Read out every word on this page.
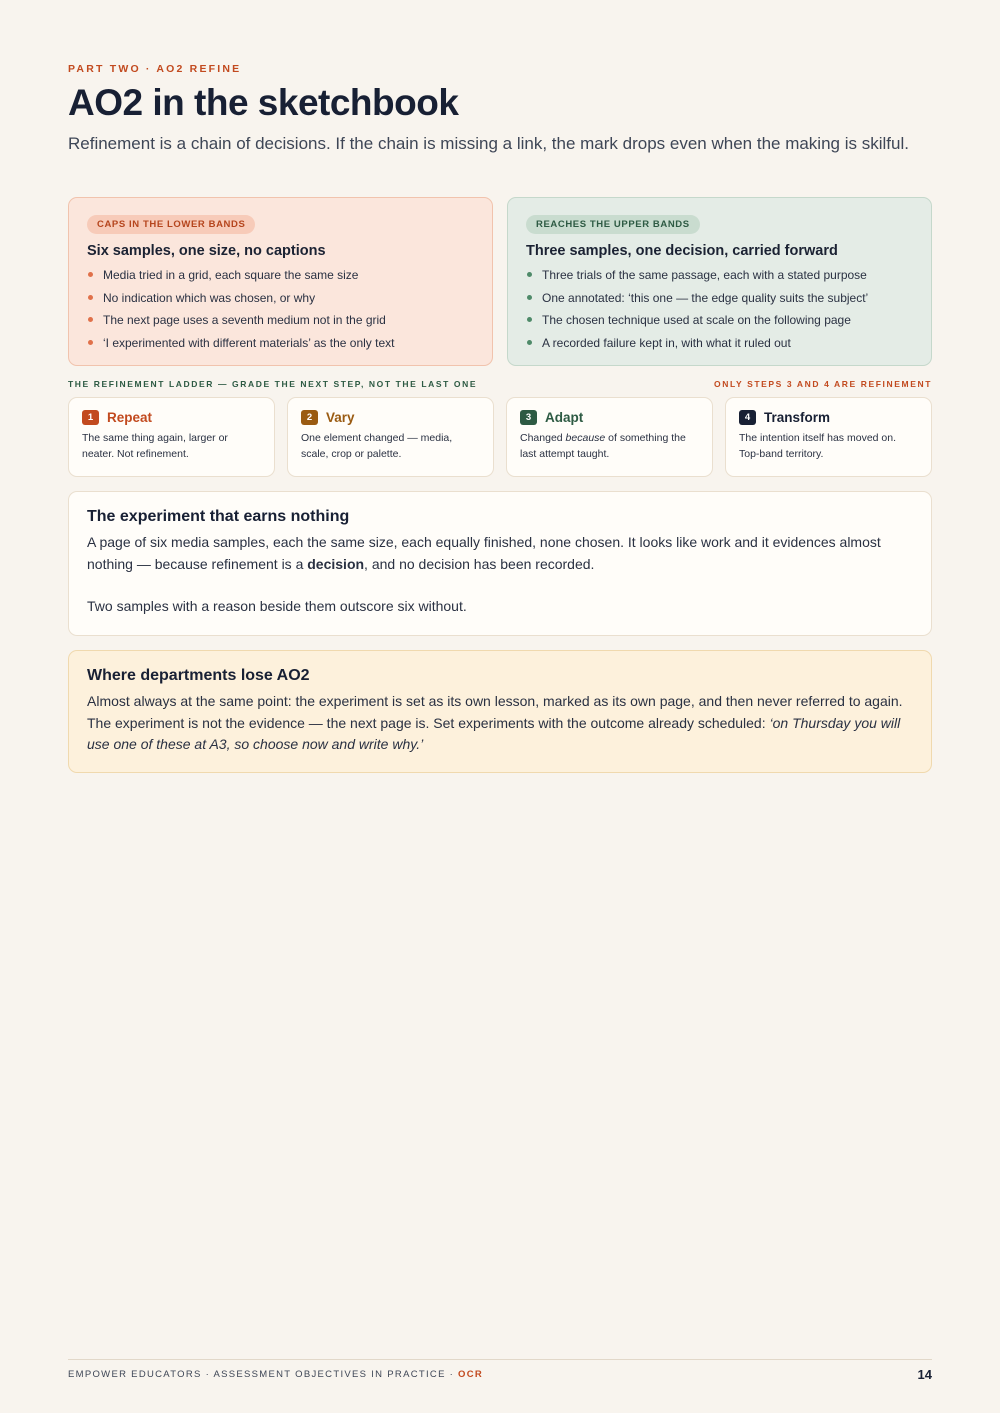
PART TWO · AO2 REFINE
AO2 in the sketchbook

Refinement is a chain of decisions. If the chain is missing a link, the mark drops even when the making is skilful.

CAPS IN THE LOWER BANDS
Six samples, one size, no captions
Media tried in a grid, each square the same size
No indication which was chosen, or why
The next page uses a seventh medium not in the grid
‘I experimented with different materials’ as the only text
REACHES THE UPPER BANDS
Three samples, one decision, carried forward
Three trials of the same passage, each with a stated purpose
One annotated: ‘this one — the edge quality suits the subject’
The chosen technique used at scale on the following page
A recorded failure kept in, with what it ruled out
THE REFINEMENT LADDER — GRADE THE NEXT STEP, NOT THE LAST ONE	ONLY STEPS 3 AND 4 ARE REFINEMENT
1	Repeat

The same thing again, larger or neater. Not refinement.

2	Vary

One element changed — media, scale, crop or palette.

3	Adapt

Changed because of something the last attempt taught.

4	Transform

The intention itself has moved on. Top-band territory.

The experiment that earns nothing

A page of six media samples, each the same size, each equally finished, none chosen. It looks like work and it evidences almost nothing — because refinement is a decision, and no decision has been recorded.

Two samples with a reason beside them outscore six without.

Where departments lose AO2

Almost always at the same point: the experiment is set as its own lesson, marked as its own page, and then never referred to again. The experiment is not the evidence — the next page is. Set experiments with the outcome already scheduled: ‘on Thursday you will use one of these at A3, so choose now and write why.’

EMPOWER EDUCATORS · ASSESSMENT OBJECTIVES IN PRACTICE · OCR	14
